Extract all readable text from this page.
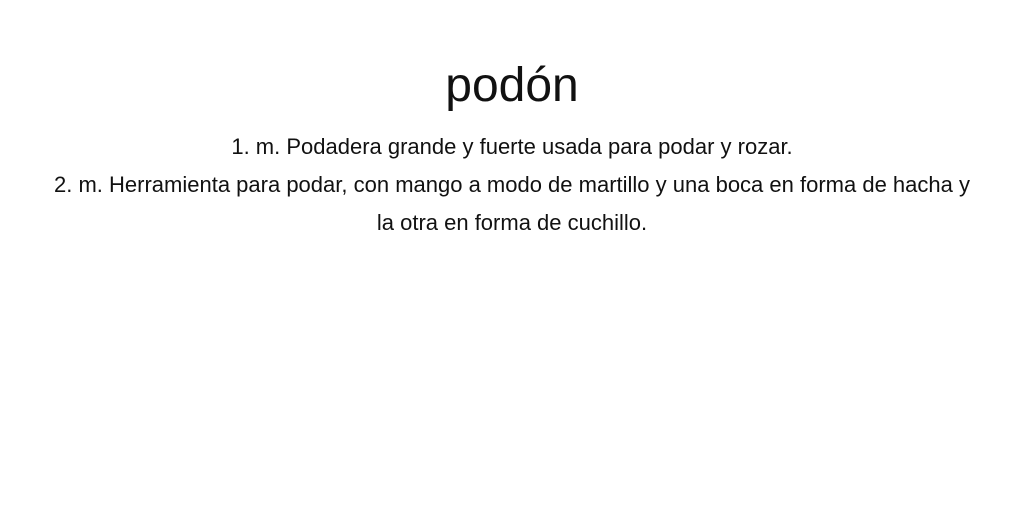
podón
1. m. Podadera grande y fuerte usada para podar y rozar.
2. m. Herramienta para podar, con mango a modo de martillo y una boca en forma de hacha y la otra en forma de cuchillo.
